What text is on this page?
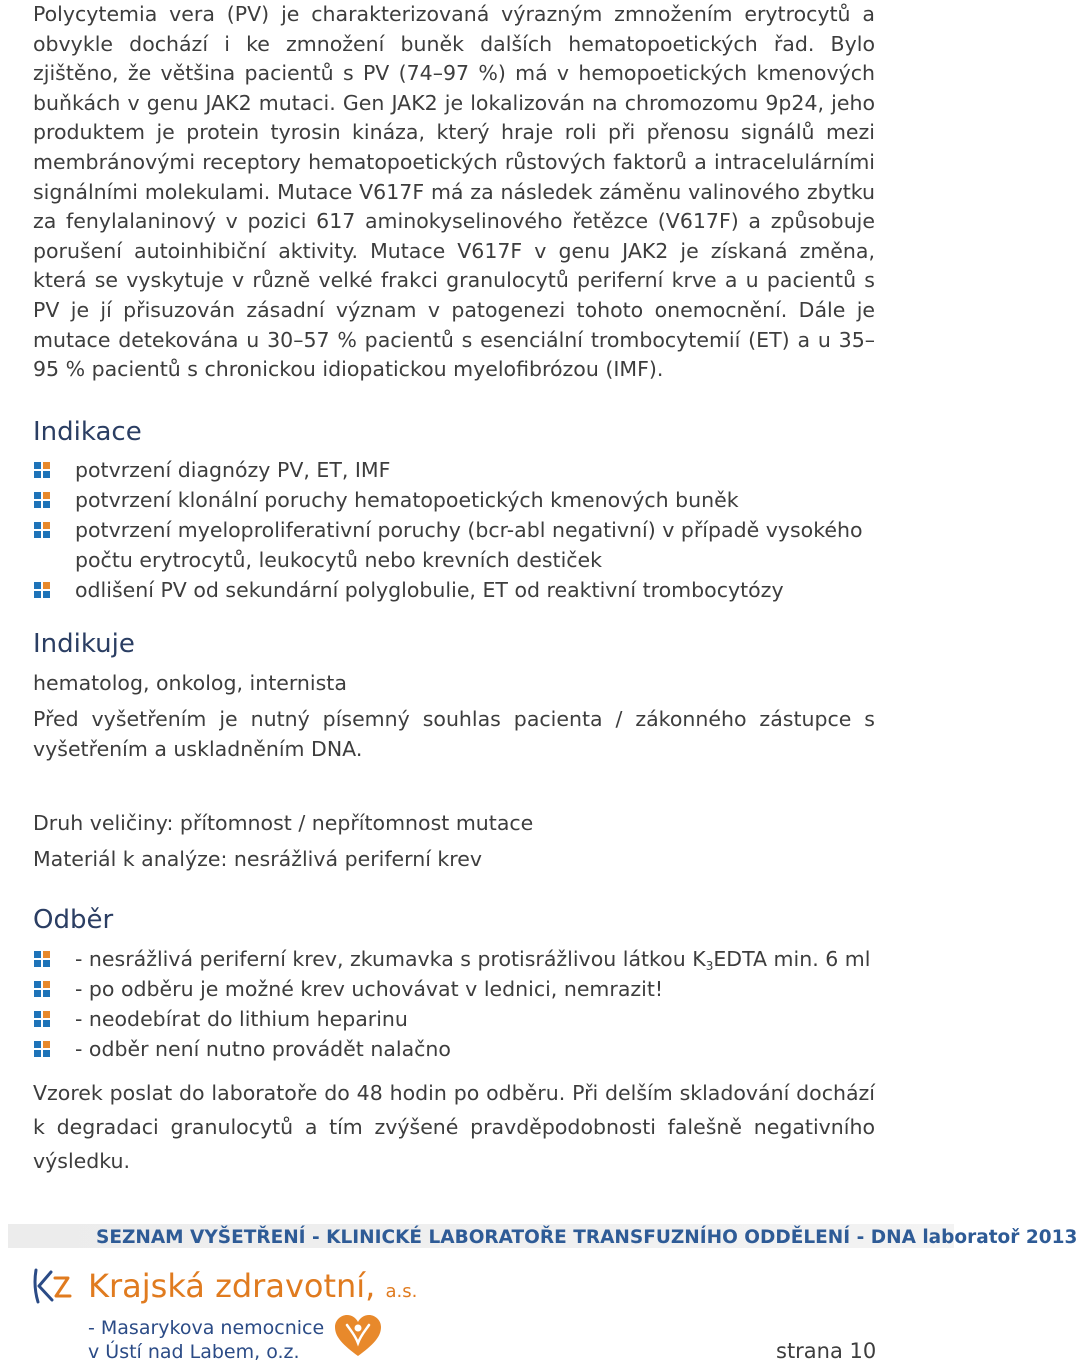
Polycytemia vera (PV) je charakterizovaná výrazným zmnožením erytrocytů a obvykle dochází i ke zmnožení buněk dalších hematopoetických řad. Bylo zjištěno, že většina pacientů s PV (74–97 %) má v hemopoetických kmenových buňkách v genu JAK2 mutaci. Gen JAK2 je lokalizován na chromozomu 9p24, jeho produktem je protein tyrosin kináza, který hraje roli při přenosu signálů mezi membránovými receptory hematopoetických růstových faktorů a intracelulárními signálními molekulami. Mutace V617F má za následek záměnu valinového zbytku za fenylalaninový v pozici 617 aminokyselinového řetězce (V617F) a způsobuje porušení autoinhibiční aktivity. Mutace V617F v genu JAK2 je získaná změna, která se vyskytuje v různě velké frakci granulocytů periferní krve a u pacientů s PV je jí přisuzován zásadní význam v patogenezi tohoto onemocnění. Dále je mutace detekována u 30–57 % pacientů s esenciální trombocytemií (ET) a u 35–95 % pacientů s chronickou idiopatickou myelofibrózou (IMF).

Indikace
potvrzení diagnózy PV, ET, IMF
potvrzení klonální poruchy hematopoetických kmenových buněk
potvrzení myeloproliferativní poruchy (bcr-abl negativní) v případě vysokého počtu erytrocytů, leukocytů nebo krevních destiček
odlišení PV od sekundární polyglobulie, ET od reaktivní trombocytózy
Indikuje

hematolog, onkolog, internista

Před vyšetřením je nutný písemný souhlas pacienta / zákonného zástupce s vyšetřením a uskladněním DNA.

Druh veličiny: přítomnost / nepřítomnost mutace

Materiál k analýze: nesrážlivá periferní krev

Odběr
- nesrážlivá periferní krev, zkumavka s protisrážlivou látkou $K_3EDTA$ min. 6 ml
- po odběru je možné krev uchovávat v lednici, nemrazit!
- neodebírat do lithium heparinu
- odběr není nutno provádět nalačno

Vzorek poslat do laboratoře do 48 hodin po odběru. Při delším skladování dochází k degradaci granulocytů a tím zvýšené pravděpodobnosti falešně negativního výsledku.

SEZNAM VYŠETŘENÍ - KLINICKÉ LABORATOŘE TRANSFUZNÍHO ODDĚLENÍ - DNA laboratoř 2013
Krajská zdravotní, a.s.
- Masarykova nemocnice
v Ústí nad Labem, o.z.	strana 10
